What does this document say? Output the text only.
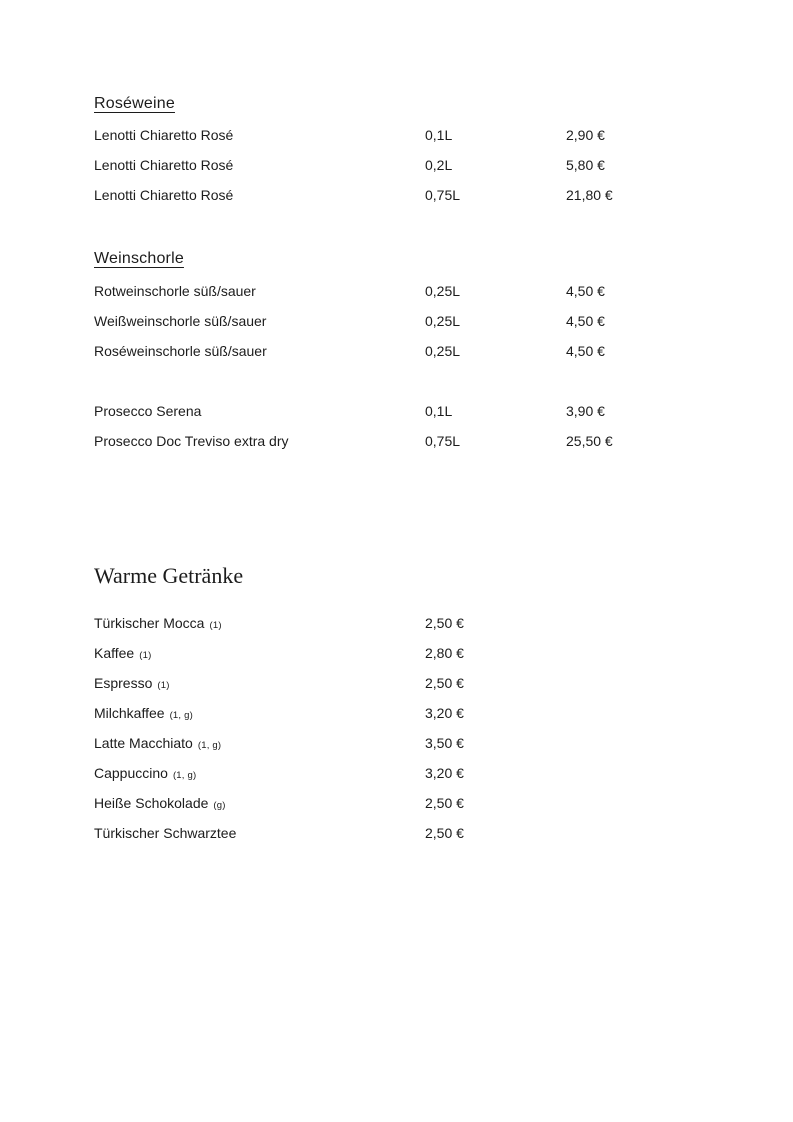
Roséweine
Lenotti Chiaretto Rosé	0,1L	2,90 €
Lenotti Chiaretto Rosé	0,2L	5,80 €
Lenotti Chiaretto Rosé	0,75L	21,80 €
Weinschorle
Rotweinschorle süß/sauer	0,25L	4,50 €
Weißweinschorle süß/sauer	0,25L	4,50 €
Roséweinschorle süß/sauer	0,25L	4,50 €
Prosecco Serena	0,1L	3,90 €
Prosecco Doc Treviso extra dry	0,75L	25,50 €
Warme Getränke
Türkischer Mocca (1)	2,50 €
Kaffee (1)	2,80 €
Espresso (1)	2,50 €
Milchkaffee (1, g)	3,20 €
Latte Macchiato (1, g)	3,50 €
Cappuccino (1, g)	3,20 €
Heiße Schokolade (g)	2,50 €
Türkischer Schwarztee	2,50 €
